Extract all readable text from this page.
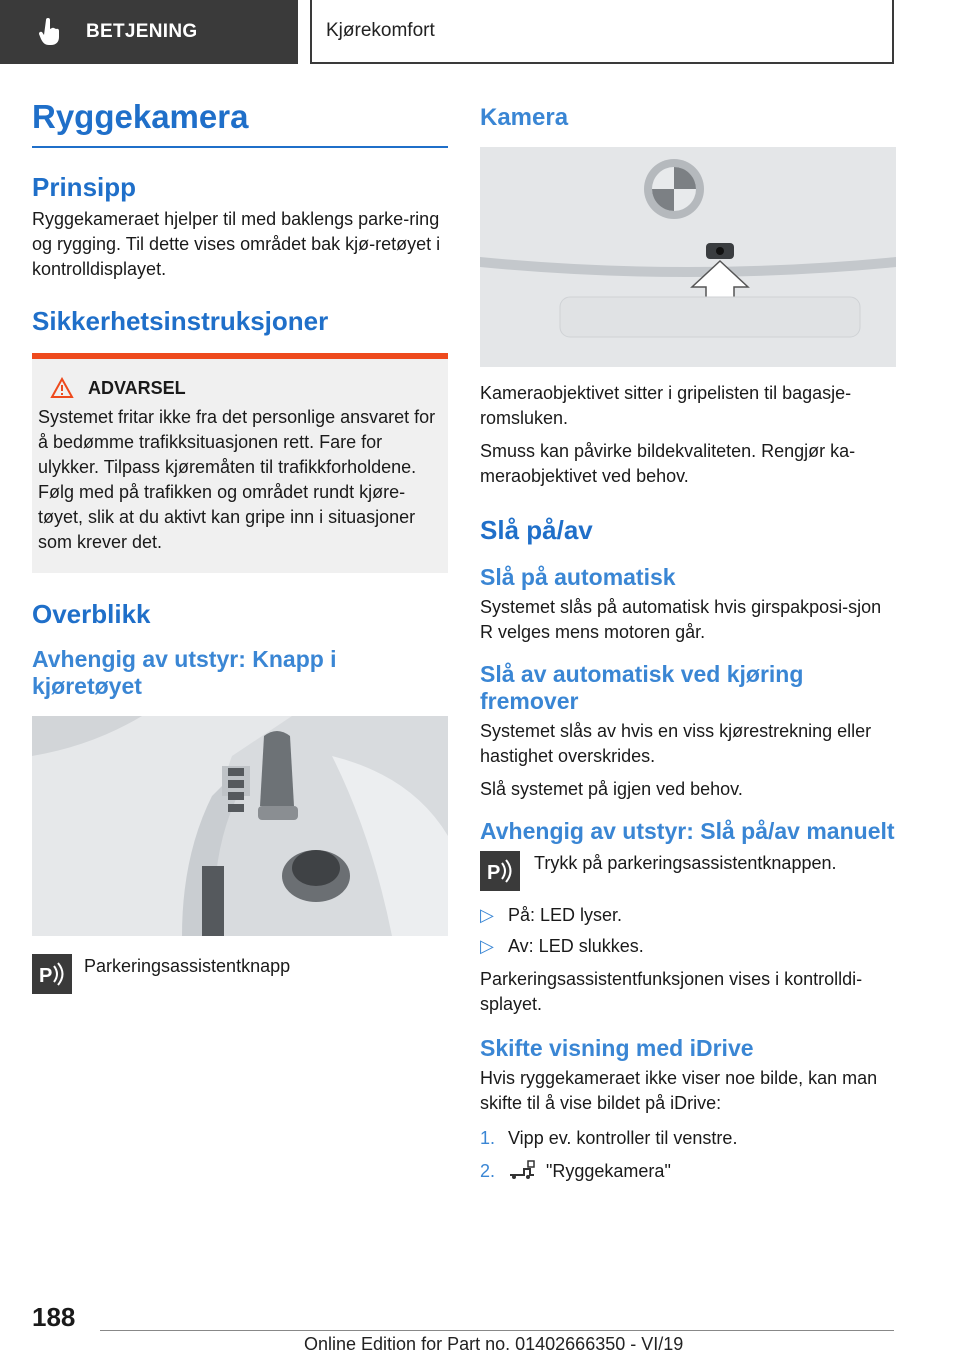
BETJENING	Kjørekomfort
Ryggekamera
Prinsipp

Ryggekameraet hjelper til med baklengs parke-ring og rygging. Til dette vises området bak kjø-retøyet i kontrolldisplayet.

Sikkerhetsinstruksjoner
ADVARSEL

Systemet fritar ikke fra det personlige ansvaret for å bedømme trafikksituasjonen rett. Fare for ulykker. Tilpass kjøremåten til trafikkforholdene. Følg med på trafikken og området rundt kjøre-tøyet, slik at du aktivt kan gripe inn i situasjoner som krever det.

Overblikk
Avhengig av utstyr: Knapp i kjøretøyet
P Parkeringsassistentknapp

Kamera

Kameraobjektivet sitter i gripelisten til bagasje-romsluken.

Smuss kan påvirke bildekvaliteten. Rengjør ka-meraobjektivet ved behov.

Slå på/av
Slå på automatisk

Systemet slås på automatisk hvis girspakposi-sjon R velges mens motoren går.

Slå av automatisk ved kjøring fremover

Systemet slås av hvis en viss kjørestrekning eller hastighet overskrides.

Slå systemet på igjen ved behov.

Avhengig av utstyr: Slå på/av manuelt
P Trykk på parkeringsassistentknappen.

▷ På: LED lyser.
▷ Av: LED slukkes.

Parkeringsassistentfunksjonen vises i kontrolldi-splayet.

Skifte visning med iDrive

Hvis ryggekameraet ikke viser noe bilde, kan man skifte til å vise bildet på iDrive:

1. Vipp ev. kontroller til venstre.
2.	"Ryggekamera"
188
Online Edition for Part no. 01402666350 - VI/19
